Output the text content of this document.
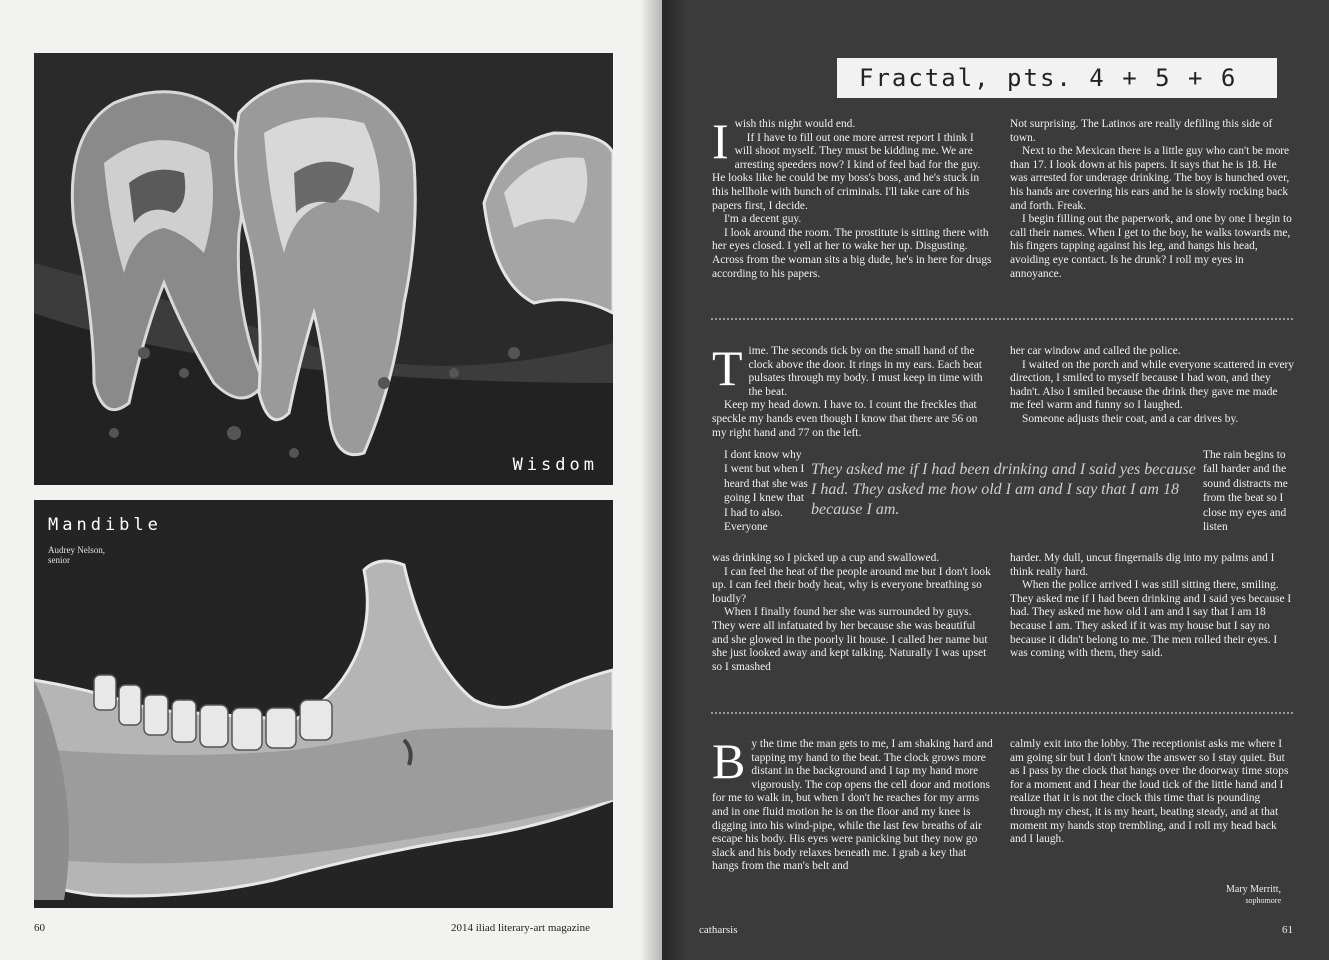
Wisdom
Mandible
Audrey Nelson,
senior
60	2014 iliad literary-art magazine
Fractal, pts. 4 + 5 + 6
I wish this night would end.

If I have to fill out one more arrest report I think I will shoot myself. They must be kidding me. We are arresting speeders now? I kind of feel bad for the guy. He looks like he could be my boss's boss, and he's stuck in this hellhole with bunch of criminals. I'll take care of his papers first, I decide.

I'm a decent guy.

I look around the room. The prostitute is sitting there with her eyes closed. I yell at her to wake her up. Disgusting. Across from the woman sits a big dude, he's in here for drugs according to his papers.

Not surprising. The Latinos are really defiling this side of town.

Next to the Mexican there is a little guy who can't be more than 17. I look down at his papers. It says that he is 18. He was arrested for underage drinking. The boy is hunched over, his hands are covering his ears and he is slowly rocking back and forth. Freak.

I begin filling out the paperwork, and one by one I begin to call their names. When I get to the boy, he walks towards me, his fingers tapping against his leg, and hangs his head, avoiding eye contact. Is he drunk? I roll my eyes in annoyance.

T ime. The seconds tick by on the small hand of the clock above the door. It rings in my ears. Each beat pulsates through my body. I must keep in time with the beat.

Keep my head down. I have to. I count the freckles that speckle my hands even though I know that there are 56 on my right hand and 77 on the left.

I dont know why I went but when I heard that she was going I knew that I had to also. Everyone
They asked me if I had been drinking and I said yes because I had. They asked me how old I am and I say that I am 18 because I am.

was drinking so I picked up a cup and swallowed.

I can feel the heat of the people around me but I don't look up. I can feel their body heat, why is everyone breathing so loudly?

When I finally found her she was surrounded by guys. They were all infatuated by her because she was beautiful and she glowed in the poorly lit house. I called her name but she just looked away and kept talking. Naturally I was upset so I smashed

her car window and called the police.

I waited on the porch and while everyone scattered in every direction, I smiled to myself because I had won, and they hadn't. Also I smiled because the drink they gave me made me feel warm and funny so I laughed.

Someone adjusts their coat, and a car drives by.

The rain begins to fall harder and the sound distracts me from the beat so I close my eyes and listen

harder. My dull, uncut fingernails dig into my palms and I think really hard.

When the police arrived I was still sitting there, smiling. They asked me if I had been drinking and I said yes because I had. They asked me how old I am and I say that I am 18 because I am. They asked if it was my house but I say no because it didn't belong to me. The men rolled their eyes. I was coming with them, they said.

B y the time the man gets to me, I am shaking hard and tapping my hand to the beat. The clock grows more distant in the background and I tap my hand more vigorously. The cop opens the cell door and motions for me to walk in, but when I don't he reaches for my arms and in one fluid motion he is on the floor and my knee is digging into his wind-pipe, while the last few breaths of air escape his body. His eyes were panicking but they now go slack and his body relaxes beneath me. I grab a key that hangs from the man's belt and

calmly exit into the lobby. The receptionist asks me where I am going sir but I don't know the answer so I stay quiet. But as I pass by the clock that hangs over the doorway time stops for a moment and I hear the loud tick of the little hand and I realize that it is not the clock this time that is pounding through my chest, it is my heart, beating steady, and at that moment my hands stop trembling, and I roll my head back and I laugh.

Mary Merritt,
sophomore
catharsis	61
